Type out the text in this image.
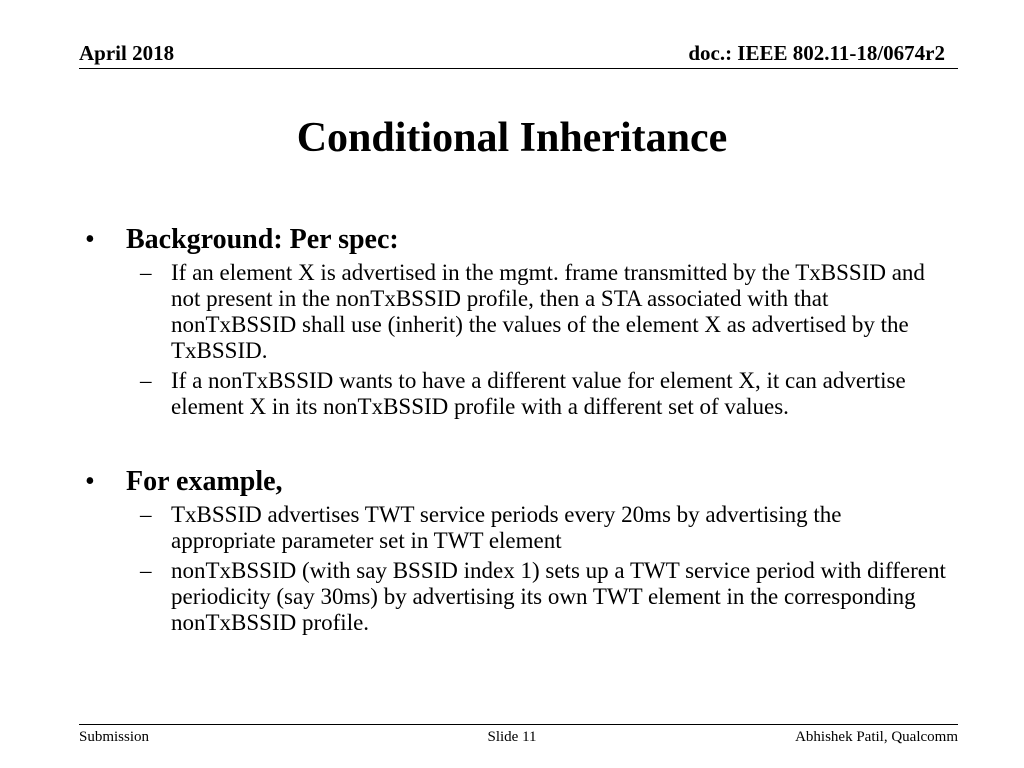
April 2018	doc.: IEEE 802.11-18/0674r2
Conditional Inheritance
• Background: Per spec:
– If an element X is advertised in the mgmt. frame transmitted by the TxBSSID and not present in the nonTxBSSID profile, then a STA associated with that nonTxBSSID shall use (inherit) the values of the element X as advertised by the TxBSSID.
– If a nonTxBSSID wants to have a different value for element X, it can advertise element X in its nonTxBSSID profile with a different set of values.
• For example,
– TxBSSID advertises TWT service periods every 20ms by advertising the appropriate parameter set in TWT element
– nonTxBSSID (with say BSSID index 1) sets up a TWT service period with different periodicity (say 30ms) by advertising its own TWT element in the corresponding nonTxBSSID profile.
Submission	Slide 11	Abhishek Patil, Qualcomm
